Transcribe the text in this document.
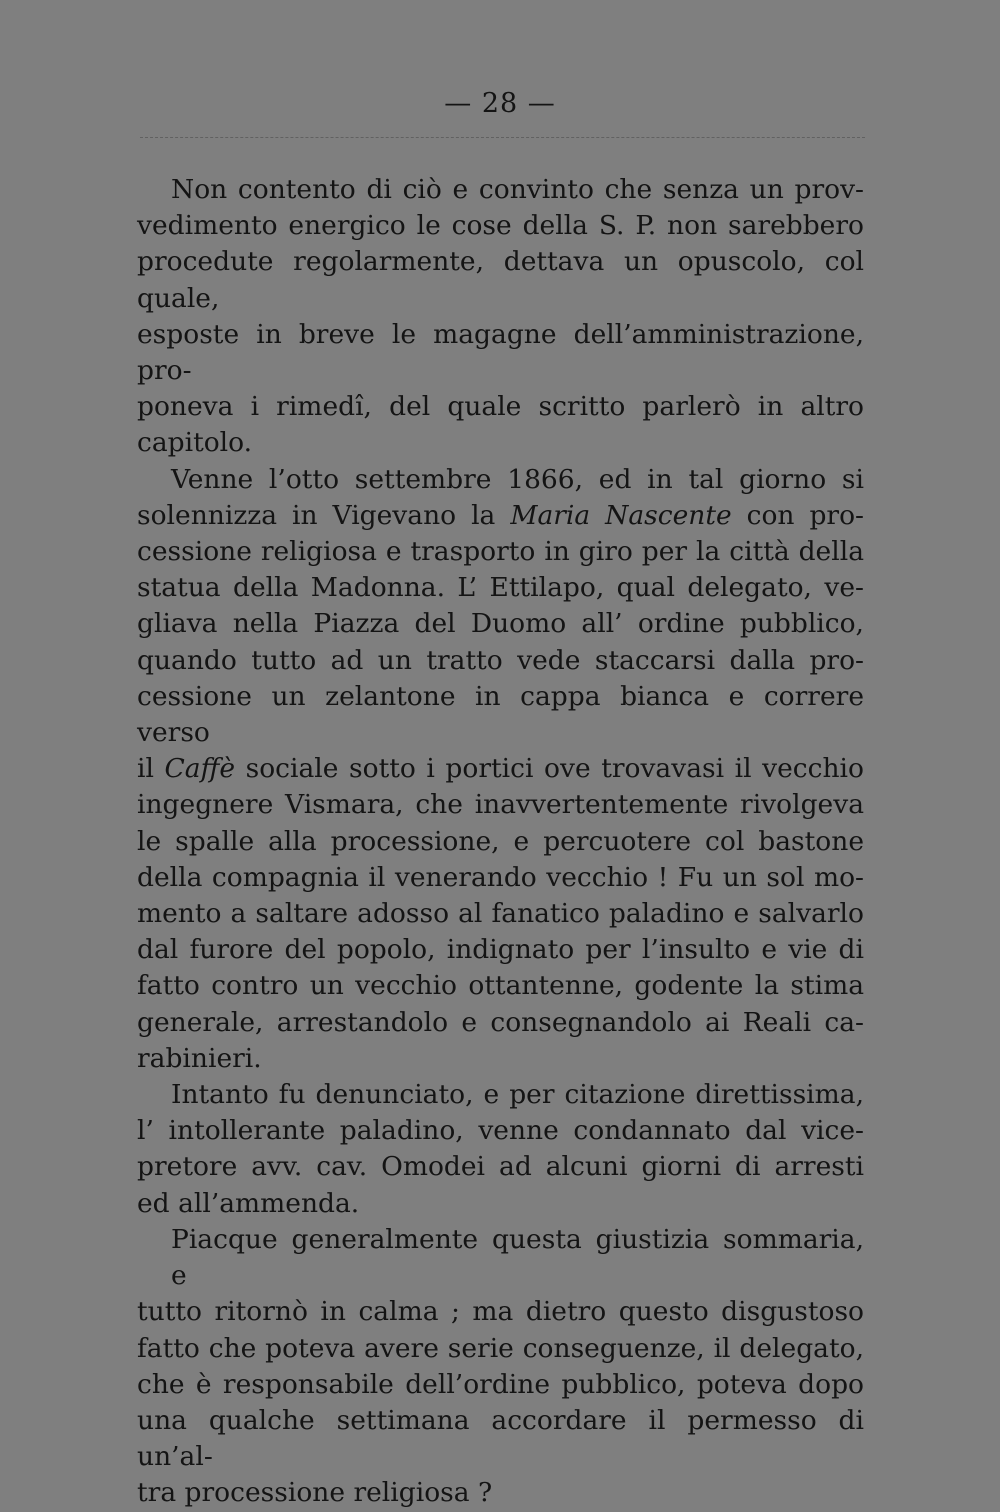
— 28 —
Non contento di ciò e convinto che senza un prov-
vedimento energico le cose della S. P. non sarebbero
procedute regolarmente, dettava un opuscolo, col quale,
esposte in breve le magagne dell’amministrazione, pro-
poneva i rimedî, del quale scritto parlerò in altro
capitolo.
Venne l’otto settembre 1866, ed in tal giorno si
solennizza in Vigevano la Maria Nascente con pro-
cessione religiosa e trasporto in giro per la città della
statua della Madonna. L’ Ettilapo, qual delegato, ve-
gliava nella Piazza del Duomo all’ ordine pubblico,
quando tutto ad un tratto vede staccarsi dalla pro-
cessione un zelantone in cappa bianca e correre verso
il Caffè sociale sotto i portici ove trovavasi il vecchio
ingegnere Vismara, che inavvertentemente rivolgeva
le spalle alla processione, e percuotere col bastone
della compagnia il venerando vecchio ! Fu un sol mo-
mento a saltare adosso al fanatico paladino e salvarlo
dal furore del popolo, indignato per l’insulto e vie di
fatto contro un vecchio ottantenne, godente la stima
generale, arrestandolo e consegnandolo ai Reali ca-
rabinieri.
Intanto fu denunciato, e per citazione direttissima,
l’ intollerante paladino, venne condannato dal vice-
pretore avv. cav. Omodei ad alcuni giorni di arresti
ed all’ammenda.
Piacque generalmente questa giustizia sommaria, e
tutto ritornò in calma ; ma dietro questo disgustoso
fatto che poteva avere serie conseguenze, il delegato,
che è responsabile dell’ordine pubblico, poteva dopo
una qualche settimana accordare il permesso di un’al-
tra processione religiosa ?
